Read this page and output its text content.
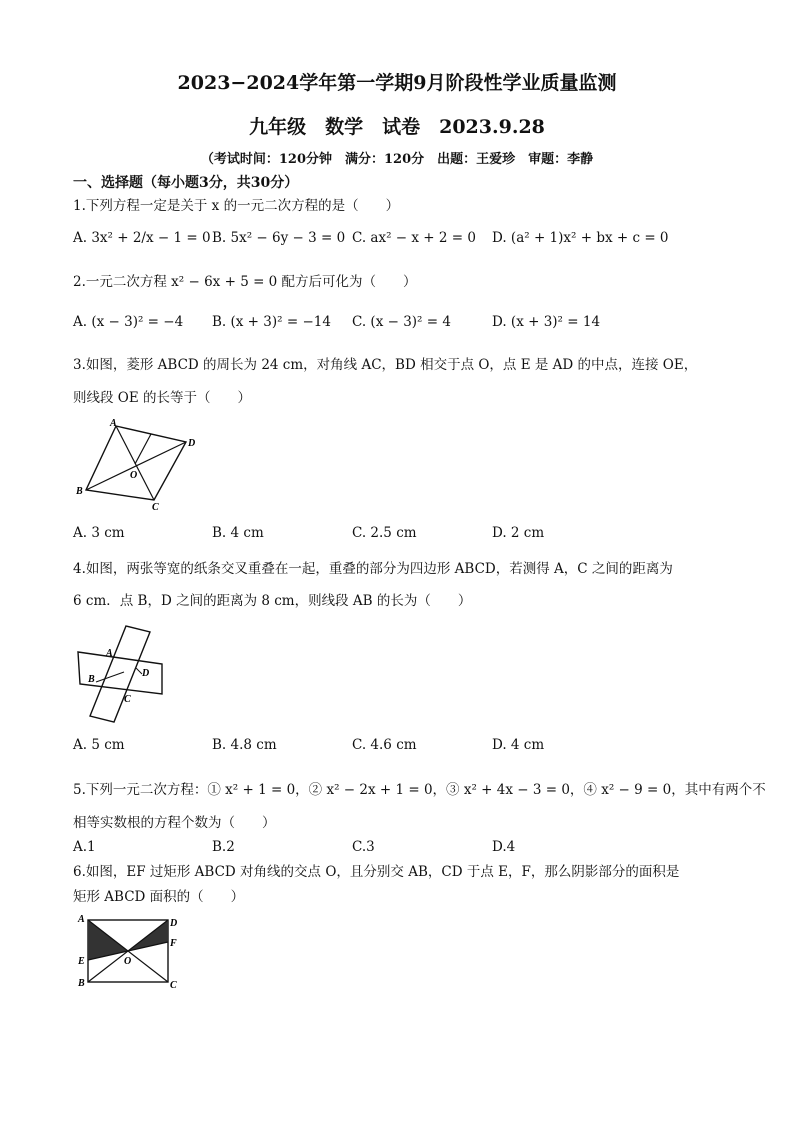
2023−2024学年第一学期9月阶段性学业质量监测
九年级　数学　试卷　2023.9.28
（考试时间：120分钟　满分：120分　出题：王爱珍　审题：李静
一、选择题（每小题3分，共30分）
1.下列方程一定是关于 x 的一元二次方程的是（　　）
A. 3x² + 2/x − 1 = 0 B. 5x² − 6y − 3 = 0 C. ax² − x + 2 = 0 D. (a² + 1)x² + bx + c = 0
2.一元二次方程 x² − 6x + 5 = 0 配方后可化为（　　）
A. (x − 3)² = −4 B. (x + 3)² = −14 C. (x − 3)² = 4	D. (x + 3)² = 14
3.如图，菱形 ABCD 的周长为 24 cm，对角线 AC，BD 相交于点 O，点 E 是 AD 的中点，连接 OE，
则线段 OE 的长等于（　　）
A
D
O
B
C
A. 3 cm	B. 4 cm	C. 2.5 cm	D. 2 cm
4.如图，两张等宽的纸条交叉重叠在一起，重叠的部分为四边形 ABCD，若测得 A，C 之间的距离为
6 cm．点 B，D 之间的距离为 8 cm，则线段 AB 的长为（　　）
A
D
B
C
A. 5 cm	B. 4.8 cm	C. 4.6 cm	D. 4 cm
5.下列一元二次方程：① x² + 1 = 0，② x² − 2x + 1 = 0，③ x² + 4x − 3 = 0，④ x² − 9 = 0，其中有两个不
相等实数根的方程个数为（　　）
A.1	B.2	C.3	D.4
6.如图，EF 过矩形 ABCD 对角线的交点 O，且分别交 AB，CD 于点 E，F，那么阴影部分的面积是
矩形 ABCD 面积的（　　）
A	D
F
E	O
B	C
